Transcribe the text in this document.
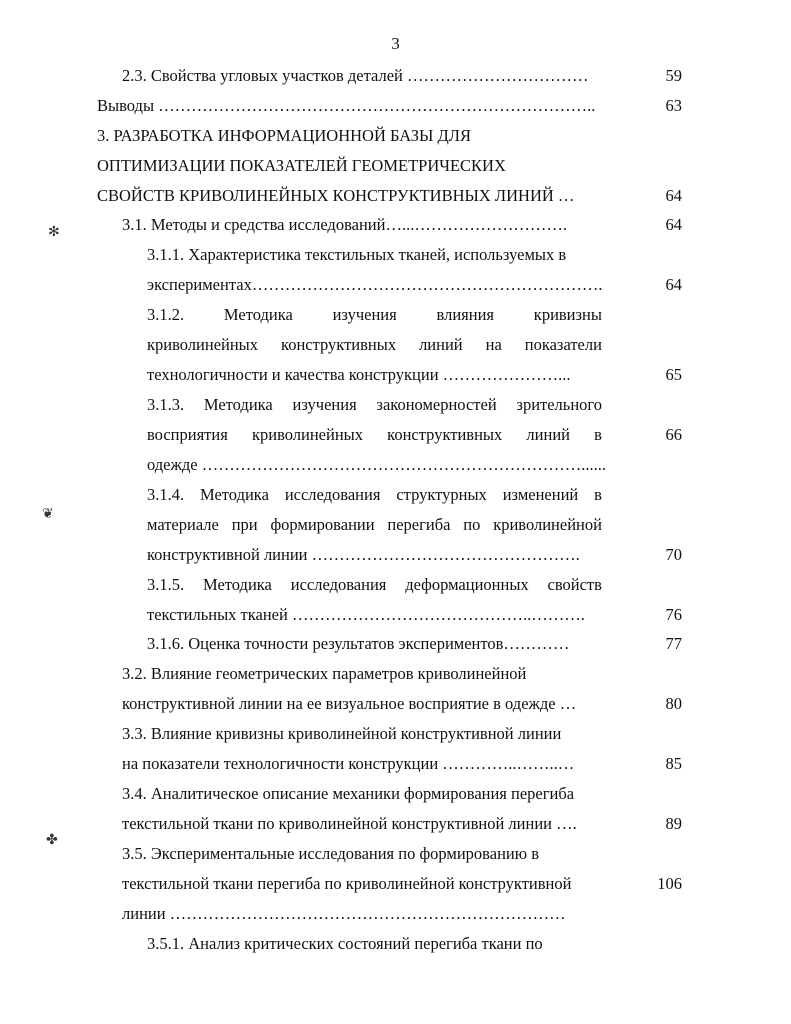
3
2.3. Свойства угловых участков деталей ……………………………	59
Выводы ……………………………………………………………………..	63
3. РАЗРАБОТКА ИНФОРМАЦИОННОЙ БАЗЫ ДЛЯ
ОПТИМИЗАЦИИ ПОКАЗАТЕЛЕЙ ГЕОМЕТРИЧЕСКИХ
СВОЙСТВ КРИВОЛИНЕЙНЫХ КОНСТРУКТИВНЫХ ЛИНИЙ …	64
3.1. Методы и средства исследований…...……………………….	64
3.1.1. Характеристика текстильных тканей, используемых в
экспериментах……………………………………………………….	64
3.1.2. Методика изучения влияния кривизны
криволинейных конструктивных линий на показатели
технологичности и качества конструкции …………………...	65
3.1.3. Методика изучения закономерностей зрительного
восприятия криволинейных конструктивных линий в	66
одежде ……………………………………………………………......
3.1.4. Методика исследования структурных изменений в
материале при формировании перегиба по криволинейной
конструктивной линии ………………………………………….	70
3.1.5. Методика исследования деформационных свойств
текстильных тканей ……………………………………..……….	76
3.1.6. Оценка точности результатов экспериментов…………	77
3.2. Влияние геометрических параметров криволинейной
конструктивной линии на ее визуальное восприятие в одежде …	80
3.3. Влияние кривизны криволинейной конструктивной линии
на показатели технологичности конструкции …………..……..…	85
3.4. Аналитическое описание механики формирования перегиба
текстильной ткани по криволинейной конструктивной линии ….	89
3.5. Экспериментальные исследования по формированию в
текстильной ткани перегиба по криволинейной конструктивной	106
линии ………………………………………………………………
3.5.1. Анализ критических состояний перегиба ткани по
✻
❦
✤
